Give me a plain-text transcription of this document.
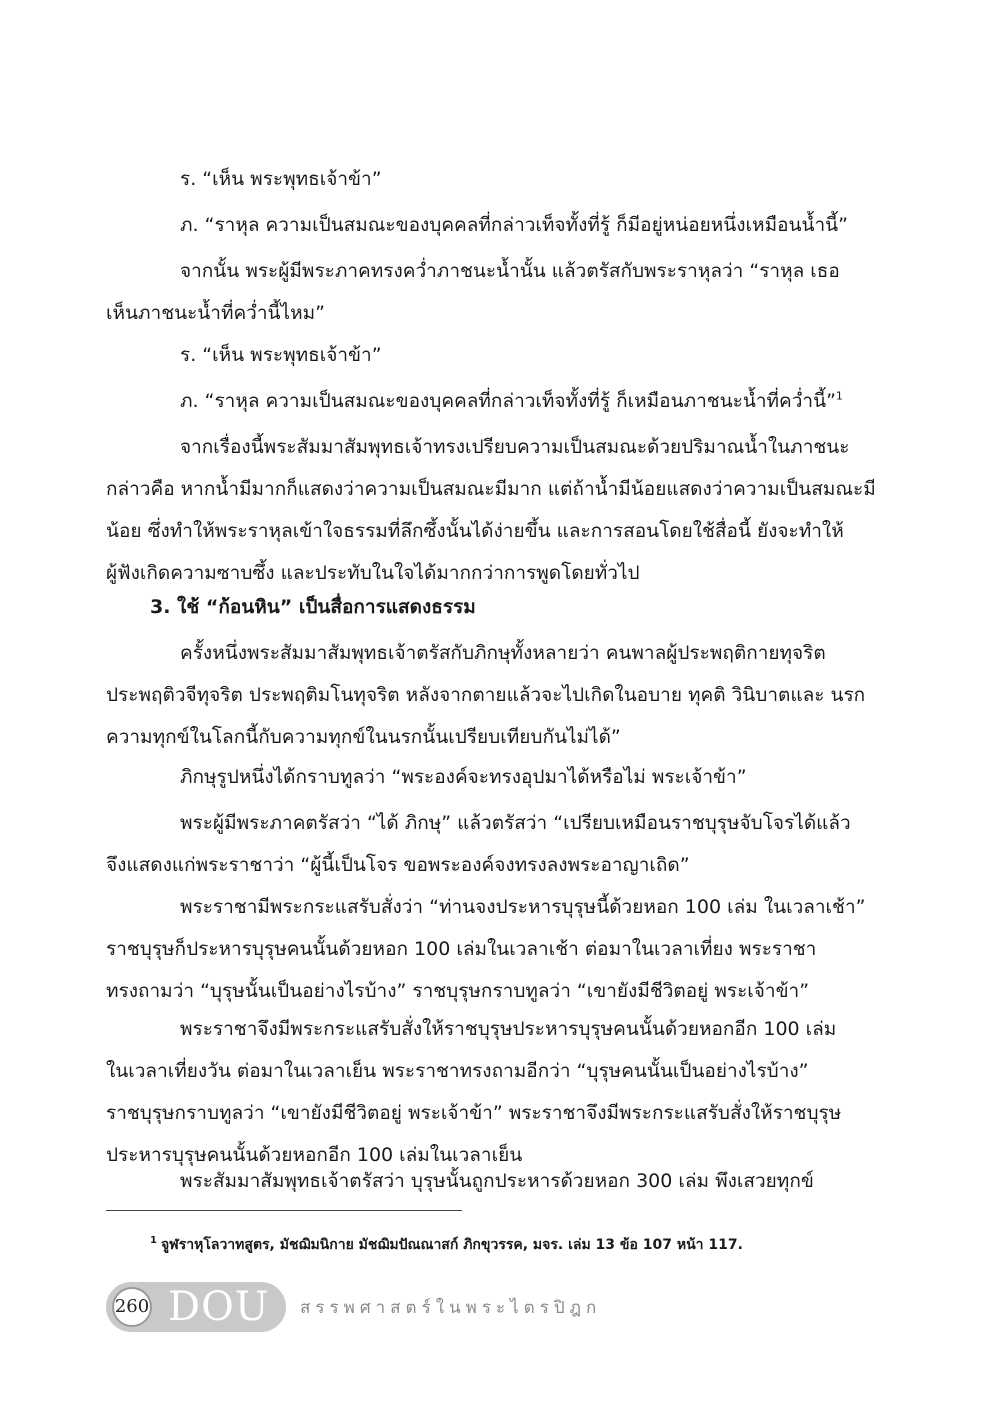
ร. “เห็น พระพุทธเจ้าข้า”
ภ. “ราหุล ความเป็นสมณะของบุคคลที่กล่าวเท็จทั้งที่รู้ ก็มีอยู่หน่อยหนึ่งเหมือนน้ำนี้”
จากนั้น พระผู้มีพระภาคทรงคว่ำภาชนะน้ำนั้น แล้วตรัสกับพระราหุลว่า “ราหุล เธอ
เห็นภาชนะน้ำที่คว่ำนี้ไหม”
ร. “เห็น พระพุทธเจ้าข้า”
ภ. “ราหุล ความเป็นสมณะของบุคคลที่กล่าวเท็จทั้งที่รู้ ก็เหมือนภาชนะน้ำที่คว่ำนี้”$^1$
จากเรื่องนี้พระสัมมาสัมพุทธเจ้าทรงเปรียบความเป็นสมณะด้วยปริมาณน้ำในภาชนะ
กล่าวคือ หากน้ำมีมากก็แสดงว่าความเป็นสมณะมีมาก แต่ถ้าน้ำมีน้อยแสดงว่าความเป็นสมณะมี
น้อย ซึ่งทำให้พระราหุลเข้าใจธรรมที่ลึกซึ้งนั้นได้ง่ายขึ้น และการสอนโดยใช้สื่อนี้ ยังจะทำให้
ผู้ฟังเกิดความซาบซึ้ง และประทับในใจได้มากกว่าการพูดโดยทั่วไป
3. ใช้ “ก้อนหิน” เป็นสื่อการแสดงธรรม
ครั้งหนึ่งพระสัมมาสัมพุทธเจ้าตรัสกับภิกษุทั้งหลายว่า คนพาลผู้ประพฤติกายทุจริต
ประพฤติวจีทุจริต ประพฤติมโนทุจริต หลังจากตายแล้วจะไปเกิดในอบาย ทุคติ วินิบาตและ นรก
ความทุกข์ในโลกนี้กับความทุกข์ในนรกนั้นเปรียบเทียบกันไม่ได้”
ภิกษุรูปหนึ่งได้กราบทูลว่า “พระองค์จะทรงอุปมาได้หรือไม่ พระเจ้าข้า”
พระผู้มีพระภาคตรัสว่า “ได้ ภิกษุ” แล้วตรัสว่า “เปรียบเหมือนราชบุรุษจับโจรได้แล้ว
จึงแสดงแก่พระราชาว่า “ผู้นี้เป็นโจร ขอพระองค์จงทรงลงพระอาญาเถิด”
พระราชามีพระกระแสรับสั่งว่า “ท่านจงประหารบุรุษนี้ด้วยหอก 100 เล่ม ในเวลาเช้า”
ราชบุรุษก็ประหารบุรุษคนนั้นด้วยหอก 100 เล่มในเวลาเช้า ต่อมาในเวลาเที่ยง พระราชา
ทรงถามว่า “บุรุษนั้นเป็นอย่างไรบ้าง” ราชบุรุษกราบทูลว่า “เขายังมีชีวิตอยู่ พระเจ้าข้า”
พระราชาจึงมีพระกระแสรับสั่งให้ราชบุรุษประหารบุรุษคนนั้นด้วยหอกอีก 100 เล่ม
ในเวลาเที่ยงวัน ต่อมาในเวลาเย็น พระราชาทรงถามอีกว่า “บุรุษคนนั้นเป็นอย่างไรบ้าง”
ราชบุรุษกราบทูลว่า “เขายังมีชีวิตอยู่ พระเจ้าข้า” พระราชาจึงมีพระกระแสรับสั่งให้ราชบุรุษ
ประหารบุรุษคนนั้นด้วยหอกอีก 100 เล่มในเวลาเย็น
พระสัมมาสัมพุทธเจ้าตรัสว่า บุรุษนั้นถูกประหารด้วยหอก 300 เล่ม พึงเสวยทุกข์
$^1$ จูฬราหุโลวาทสูตร, มัชฌิมนิกาย มัชฌิมปัณณาสก์ ภิกขุวรรค, มจร. เล่ม 13 ข้อ 107 หน้า 117.
260 DOU สรรพศาสตร์ในพระไตรปิฎก
